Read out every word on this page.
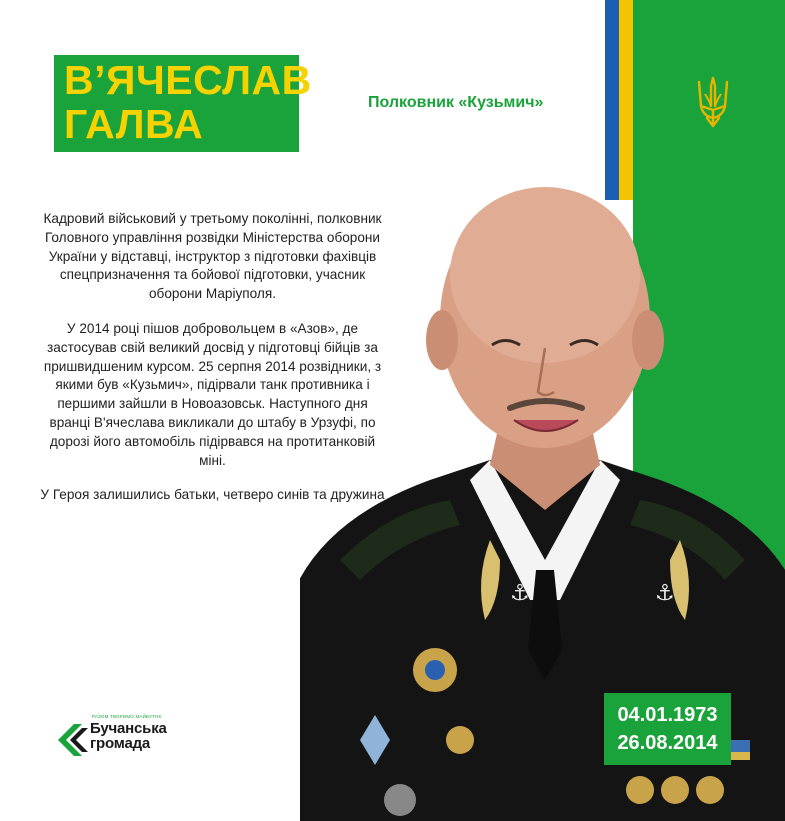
В’ЯЧЕСЛАВ
ГАЛВА	Полковник «Кузьмич»

Кадровий військовий у третьому поколінні, полковник Головного управління розвідки Міністерства оборони України у відставці, інструктор з підготовки фахівців спецпризначення та бойової підготовки, учасник оборони Маріуполя.

У 2014 році пішов добровольцем в «Азов», де застосував свій великий досвід у підготовці бійців за пришвидшеним курсом. 25 серпня 2014 розвідники, з якими був «Кузьмич», підірвали танк противника і першими зайшли в Новоазовськ. Наступного дня вранці В'ячеслава викликали до штабу в Урзуфі, по дорозі його автомобіль підірвався на протитанковій міні.

У Героя залишились батьки, четверо синів та дружина

⚓	⚓
04.01.1973
26.08.2014
РАЗОМ ТВОРИМО МАЙБУТНЄ
Бучанська
громада
